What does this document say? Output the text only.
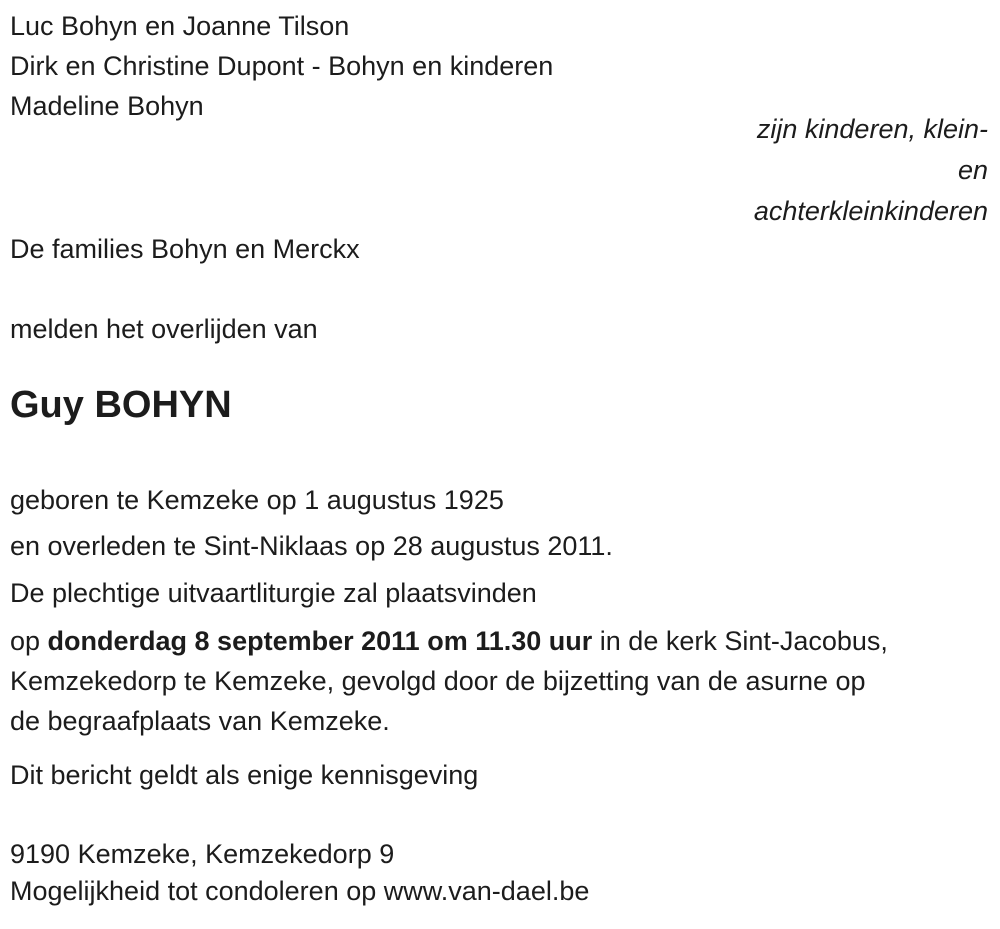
Luc Bohyn en Joanne Tilson
Dirk en Christine Dupont - Bohyn en kinderen
Madeline Bohyn
zijn kinderen, klein-
en
achterkleinkinderen
De families Bohyn en Merckx
melden het overlijden van
Guy BOHYN
geboren te Kemzeke op 1 augustus 1925
en overleden te Sint-Niklaas op 28 augustus 2011.
De plechtige uitvaartliturgie zal plaatsvinden
op donderdag 8 september 2011 om 11.30 uur in de kerk Sint-Jacobus,
Kemzekedorp te Kemzeke, gevolgd door de bijzetting van de asurne op
de begraafplaats van Kemzeke.
Dit bericht geldt als enige kennisgeving
9190 Kemzeke, Kemzekedorp 9
Mogelijkheid tot condoleren op www.van-dael.be
